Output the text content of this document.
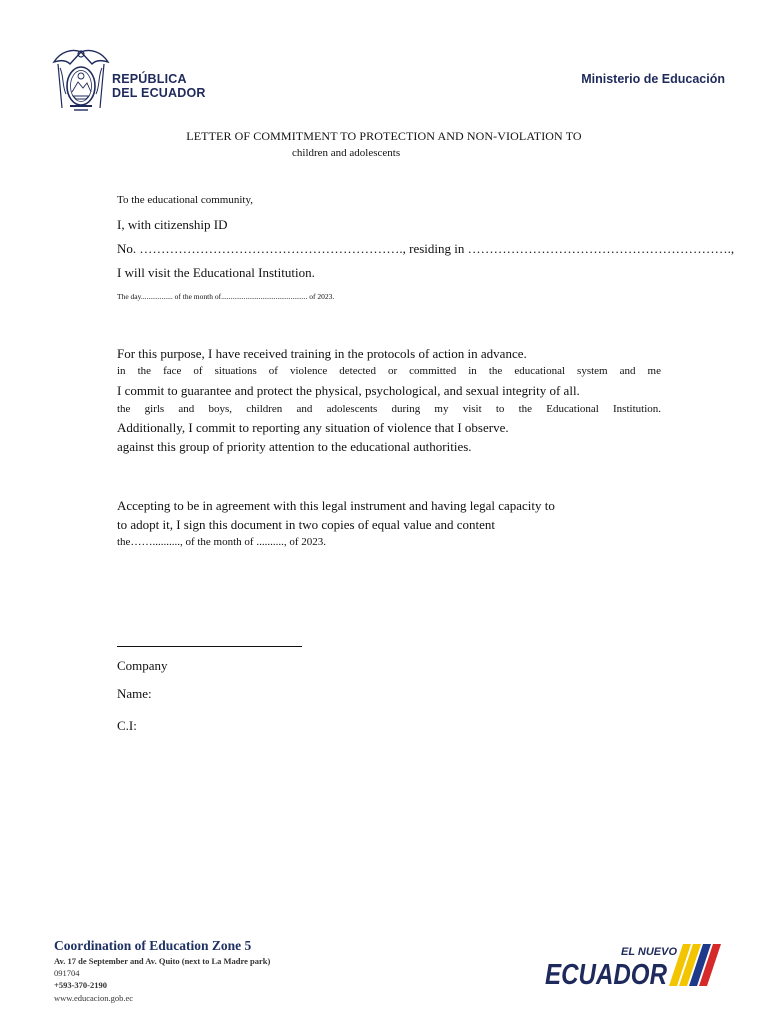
REPÚBLICA
DEL ECUADOR
Ministerio de Educación
LETTER OF COMMITMENT TO PROTECTION AND NON-VIOLATION TO
children and adolescents
To the educational community,
I, with citizenship ID
No. ……………………………………………………., residing in …………………………………………………….,
I will visit the Educational Institution.
The day................. of the month of.............................................. of 2023.
For this purpose, I have received training in the protocols of action in advance.
in the face of situations of violence detected or committed in the educational system and me
I commit to guarantee and protect the physical, psychological, and sexual integrity of all.
the girls and boys, children and adolescents during my visit to the Educational Institution.
Additionally, I commit to reporting any situation of violence that I observe.
against this group of priority attention to the educational authorities.
Accepting to be in agreement with this legal instrument and having legal capacity to
to adopt it, I sign this document in two copies of equal value and content
the…….........., of the month of .........., of 2023.
Company
Name:
C.I:
Coordination of Education Zone 5
Av. 17 de September and Av. Quito (next to La Madre park)
091704
+593-370-2190
www.educacion.gob.ec
EL NUEVO
ECUADOR
